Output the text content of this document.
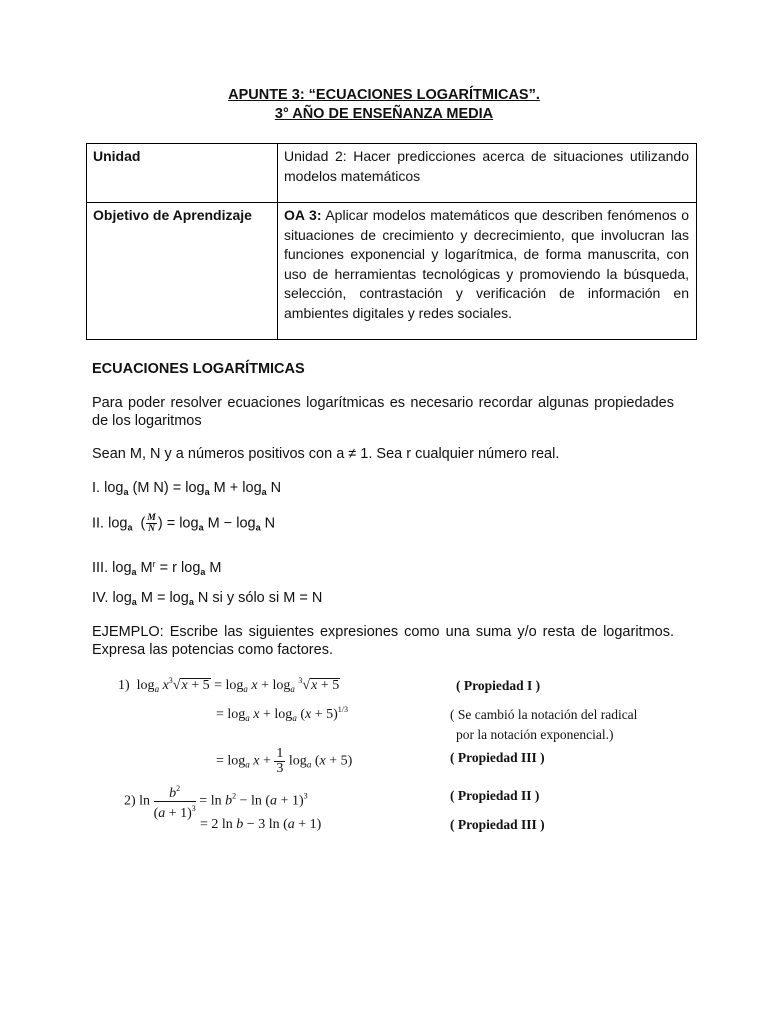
APUNTE 3: “ECUACIONES LOGARÍTMICAS”.
3° AÑO DE ENSEÑANZA MEDIA
Unidad	Unidad 2: Hacer predicciones acerca de situaciones utilizando modelos matemáticos
Objetivo de Aprendizaje	OA 3: Aplicar modelos matemáticos que describen fenómenos o situaciones de crecimiento y decrecimiento, que involucran las funciones exponencial y logarítmica, de forma manuscrita, con uso de herramientas tecnológicas y promoviendo la búsqueda, selección, contrastación y verificación de información en ambientes digitales y redes sociales.
ECUACIONES LOGARÍTMICAS
Para poder resolver ecuaciones logarítmicas es necesario recordar algunas propiedades de los logaritmos
Sean M, N y a números positivos con a ≠ 1. Sea r cualquier número real.
I. $\log_a (M$ $N) = \log_a M + \log_a N$
II. $\log_a$  ( $\frac{M}{N}$ ) = $\log_a M - \log_a N$
III. $\log_a M^r = r$ $\log_a M$
IV. $\log_a M = \log_a N$ si y sólo si M = N
EJEMPLO: Escribe las siguientes expresiones como una suma y/o resta de logaritmos. Expresa las potencias como factores.
1)  $\log_a x^3√x + 5 = \log_a x + \log_a ^3√x + 5$	( Propiedad I )
= $\log_a x + \log_a (x + 5)^{1/3}$	( Se cambió la notación del radical
por la notación exponencial.)
= $\log_a x + \frac{1}{3} \log_a (x + 5)$	( Propiedad III )
2) $\ln \frac{b^2}{(a + 1)^3} = \ln b^2 - \ln (a + 1)^3$	( Propiedad II )
= 2 ln b − 3 ln (a + 1)	( Propiedad III )
